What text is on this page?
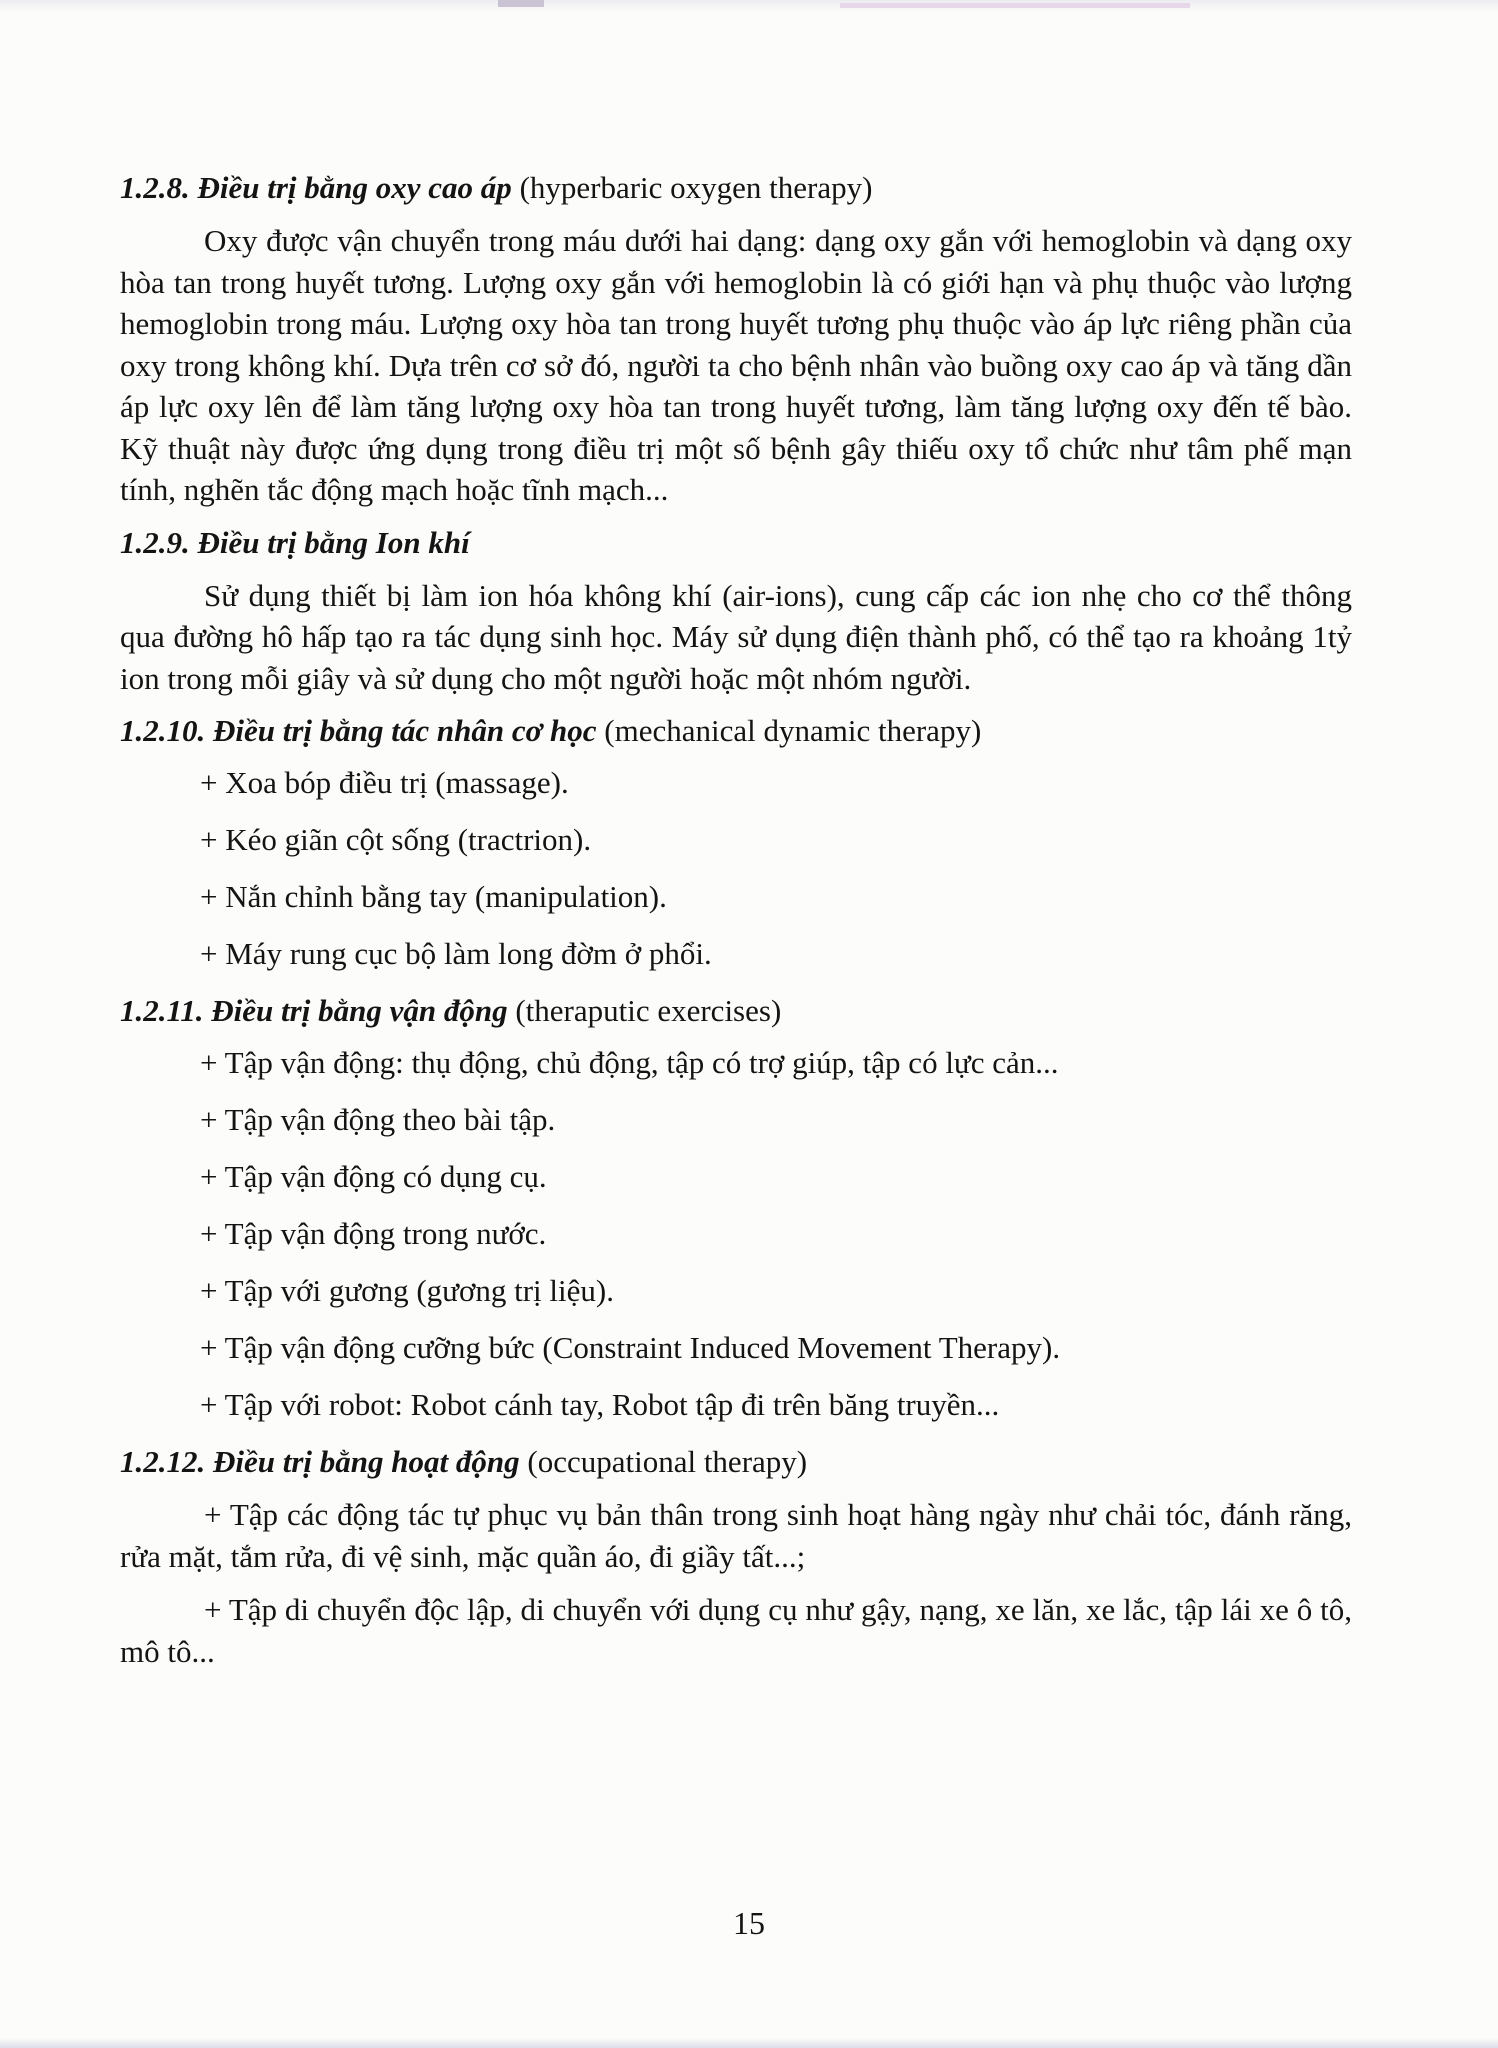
1.2.8. Điều trị bằng oxy cao áp (hyperbaric oxygen therapy)

Oxy được vận chuyển trong máu dưới hai dạng: dạng oxy gắn với hemoglobin và dạng oxy hòa tan trong huyết tương. Lượng oxy gắn với hemoglobin là có giới hạn và phụ thuộc vào lượng hemoglobin trong máu. Lượng oxy hòa tan trong huyết tương phụ thuộc vào áp lực riêng phần của oxy trong không khí. Dựa trên cơ sở đó, người ta cho bệnh nhân vào buồng oxy cao áp và tăng dần áp lực oxy lên để làm tăng lượng oxy hòa tan trong huyết tương, làm tăng lượng oxy đến tế bào. Kỹ thuật này được ứng dụng trong điều trị một số bệnh gây thiếu oxy tổ chức như tâm phế mạn tính, nghẽn tắc động mạch hoặc tĩnh mạch...

1.2.9. Điều trị bằng Ion khí

Sử dụng thiết bị làm ion hóa không khí (air-ions), cung cấp các ion nhẹ cho cơ thể thông qua đường hô hấp tạo ra tác dụng sinh học. Máy sử dụng điện thành phố, có thể tạo ra khoảng 1tỷ ion trong mỗi giây và sử dụng cho một người hoặc một nhóm người.

1.2.10. Điều trị bằng tác nhân cơ học (mechanical dynamic therapy)
+ Xoa bóp điều trị (massage).
+ Kéo giãn cột sống (tractrion).
+ Nắn chỉnh bằng tay (manipulation).
+ Máy rung cục bộ làm long đờm ở phổi.
1.2.11. Điều trị bằng vận động (theraputic exercises)
+ Tập vận động: thụ động, chủ động, tập có trợ giúp, tập có lực cản...
+ Tập vận động theo bài tập.
+ Tập vận động có dụng cụ.
+ Tập vận động trong nước.
+ Tập với gương (gương trị liệu).
+ Tập vận động cưỡng bức (Constraint Induced Movement Therapy).
+ Tập với robot: Robot cánh tay, Robot tập đi trên băng truyền...
1.2.12. Điều trị bằng hoạt động (occupational therapy)

+ Tập các động tác tự phục vụ bản thân trong sinh hoạt hàng ngày như chải tóc, đánh răng, rửa mặt, tắm rửa, đi vệ sinh, mặc quần áo, đi giầy tất...;

+ Tập di chuyển độc lập, di chuyển với dụng cụ như gậy, nạng, xe lăn, xe lắc, tập lái xe ô tô, mô tô...

15
